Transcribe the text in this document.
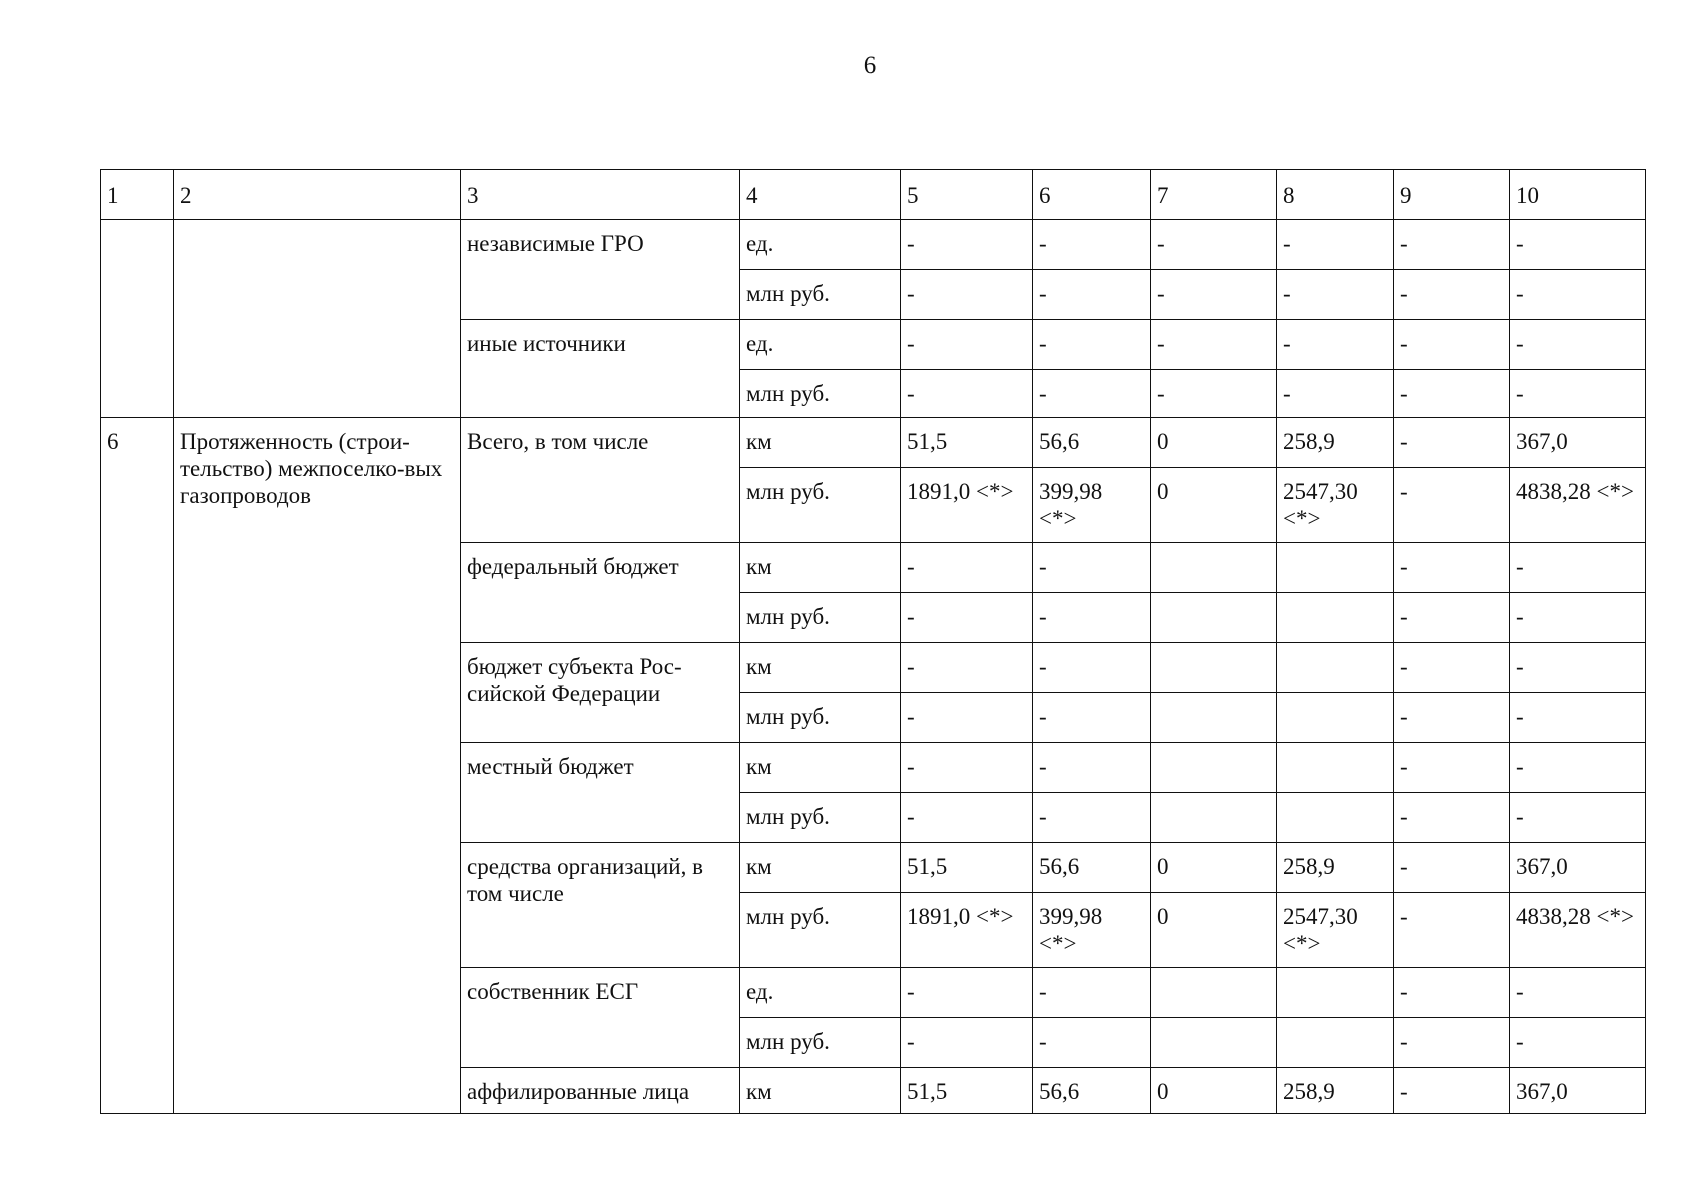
6
1	2	3	4	5	6	7	8	9	10
		независимые ГРО	ед.	-	-	-	-	-	-
			млн руб.	-	-	-	-	-	-
		иные источники	ед.	-	-	-	-	-	-
			млн руб.	-	-	-	-	-	-
6	Протяженность (строи-тельство) межпоселко-вых газопроводов	Всего, в том числе	км	51,5	56,6	0	258,9	-	367,0
			млн руб.	1891,0 <*>	399,98 <*>	0	2547,30 <*>	-	4838,28 <*>
		федеральный бюджет	км	-	-			-	-
			млн руб.	-	-			-	-
		бюджет субъекта Рос-сийской Федерации	км	-	-			-	-
			млн руб.	-	-			-	-
		местный бюджет	км	-	-			-	-
			млн руб.	-	-			-	-
		средства организаций, в том числе	км	51,5	56,6	0	258,9	-	367,0
			млн руб.	1891,0 <*>	399,98 <*>	0	2547,30 <*>	-	4838,28 <*>
		собственник ЕСГ	ед.	-	-			-	-
			млн руб.	-	-			-	-
		аффилированные лица	км	51,5	56,6	0	258,9	-	367,0
